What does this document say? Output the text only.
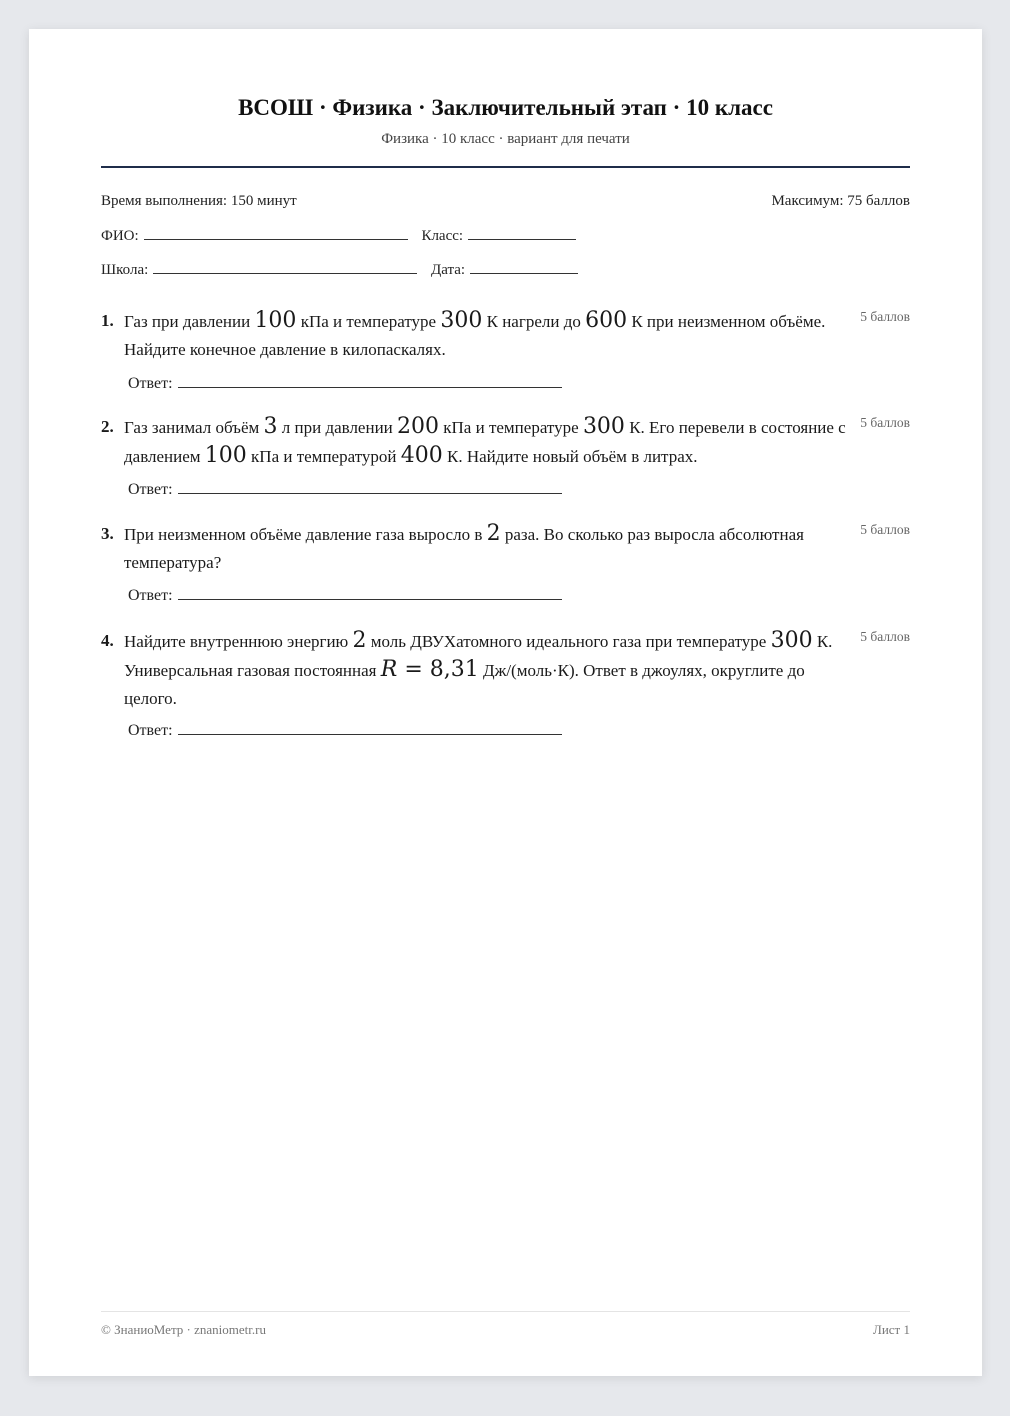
ВСОШ · Физика · Заключительный этап · 10 класс
Физика · 10 класс · вариант для печати
Время выполнения: 150 минут	Максимум: 75 баллов
ФИО:	Класс:
Школа:	Дата:
1. Газ при давлении 100 кПа и температуре 300 К нагрели до 600 К при неизменном объёме. Найдите конечное давление в килопаскалях.
5 баллов
Ответ:
2. Газ занимал объём 3 л при давлении 200 кПа и температуре 300 К. Его перевели в состояние с давлением 100 кПа и температурой 400 К. Найдите новый объём в литрах.
5 баллов
Ответ:
3. При неизменном объёме давление газа выросло в 2 раза. Во сколько раз выросла абсолютная температура?
5 баллов
Ответ:
4. Найдите внутреннюю энергию 2 моль ДВУХатомного идеального газа при температуре 300 К. Универсальная газовая постоянная R = 8,31 Дж/(моль·К). Ответ в джоулях, округлите до целого.
5 баллов
Ответ:
© ЗнаниоМетр · znaniometr.ru	Лист 1
